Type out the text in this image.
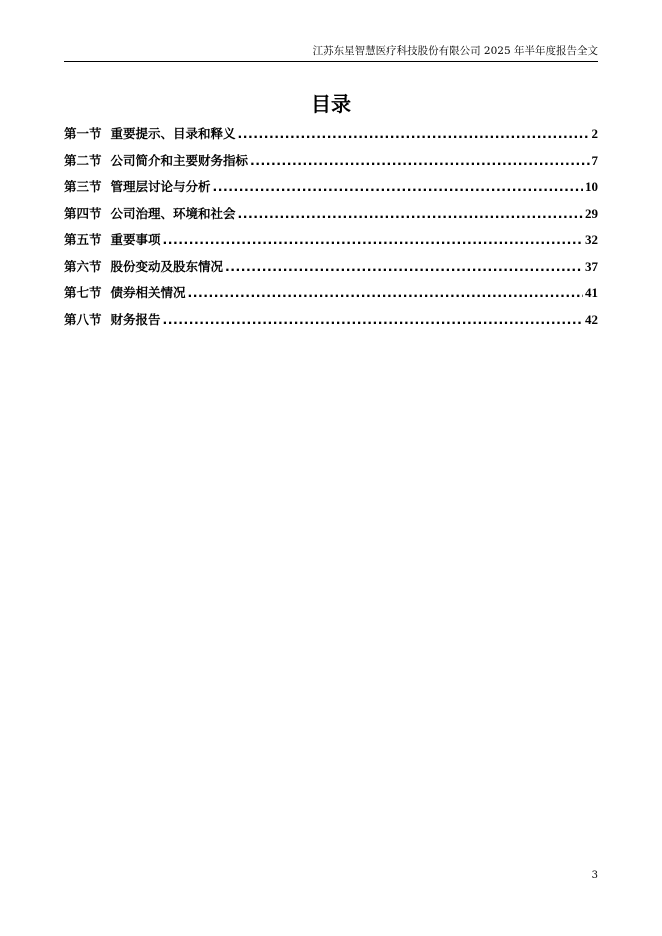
江苏东星智慧医疗科技股份有限公司 2025 年半年度报告全文
目录
第一节 重要提示、目录和释义 .....	2
第二节 公司简介和主要财务指标 .....	7
第三节 管理层讨论与分析 .....	10
第四节 公司治理、环境和社会 .....	29
第五节 重要事项 .....	32
第六节 股份变动及股东情况 .....	37
第七节 债券相关情况 .....	41
第八节 财务报告 .....	42
3
